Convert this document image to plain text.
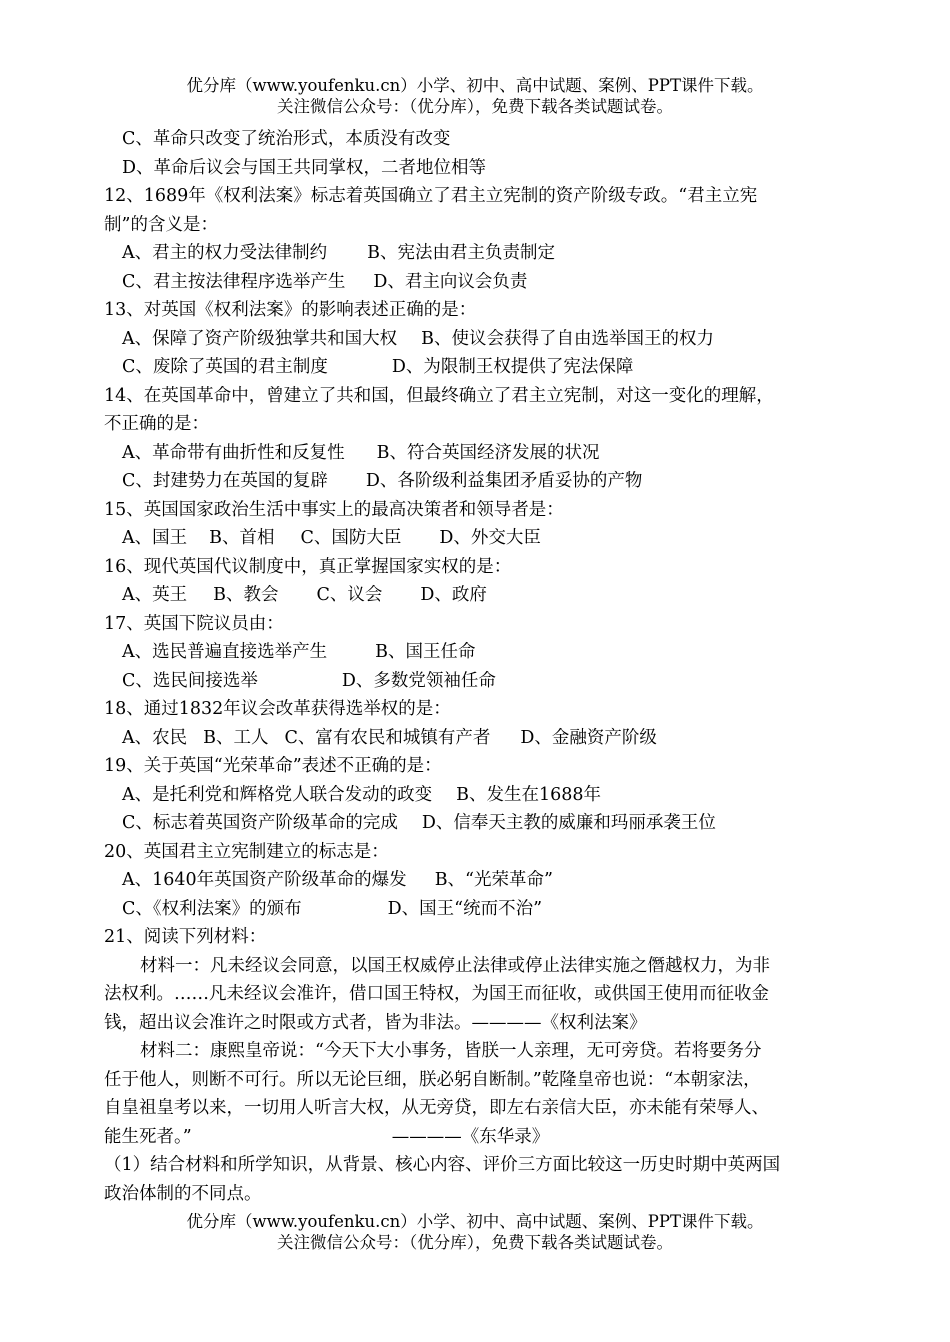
优分库（www.youfenku.cn）小学、初中、高中试题、案例、PPT课件下载。
关注微信公众号：（优分库），免费下载各类试题试卷。
C、革命只改变了统治形式，本质没有改变
D、革命后议会与国王共同掌权，二者地位相等
12、1689年《权利法案》标志着英国确立了君主立宪制的资产阶级专政。“君主立宪
制”的含义是：
A、君主的权力受法律制约 B、宪法由君主负责制定
C、君主按法律程序选举产生 D、君主向议会负责
13、对英国《权利法案》的影响表述正确的是：
A、保障了资产阶级独掌共和国大权 B、使议会获得了自由选举国王的权力
C、废除了英国的君主制度	D、为限制王权提供了宪法保障
14、在英国革命中，曾建立了共和国，但最终确立了君主立宪制，对这一变化的理解，
不正确的是：
A、革命带有曲折性和反复性 B、符合英国经济发展的状况
C、封建势力在英国的复辟 D、各阶级利益集团矛盾妥协的产物
15、英国国家政治生活中事实上的最高决策者和领导者是：
A、国王 B、首相 C、国防大臣 D、外交大臣
16、现代英国代议制度中，真正掌握国家实权的是：
A、英王 B、教会 C、议会 D、政府
17、英国下院议员由：
A、选民普遍直接选举产生	B、国王任命
C、选民间接选举	D、多数党领袖任命
18、通过1832年议会改革获得选举权的是：
A、农民 B、工人 C、富有农民和城镇有产者 D、金融资产阶级
19、关于英国“光荣革命”表述不正确的是：
A、是托利党和辉格党人联合发动的政变 B、发生在1688年
C、标志着英国资产阶级革命的完成 D、信奉天主教的威廉和玛丽承袭王位
20、英国君主立宪制建立的标志是：
A、1640年英国资产阶级革命的爆发 B、“光荣革命”
C、《权利法案》的颁布	D、国王“统而不治”
21、阅读下列材料：
材料一：凡未经议会同意，以国王权威停止法律或停止法律实施之僭越权力，为非
法权利。……凡未经议会准许，借口国王特权，为国王而征收，或供国王使用而征收金
钱，超出议会准许之时限或方式者，皆为非法。————《权利法案》
材料二：康熙皇帝说：“今天下大小事务，皆朕一人亲理，无可旁贷。若将要务分
任于他人，则断不可行。所以无论巨细，朕必躬自断制。”乾隆皇帝也说：“本朝家法，
自皇祖皇考以来，一切用人听言大权，从无旁贷，即左右亲信大臣，亦未能有荣辱人、
能生死者。”	————《东华录》
（1）结合材料和所学知识，从背景、核心内容、评价三方面比较这一历史时期中英两国
政治体制的不同点。
优分库（www.youfenku.cn）小学、初中、高中试题、案例、PPT课件下载。
关注微信公众号：（优分库），免费下载各类试题试卷。
